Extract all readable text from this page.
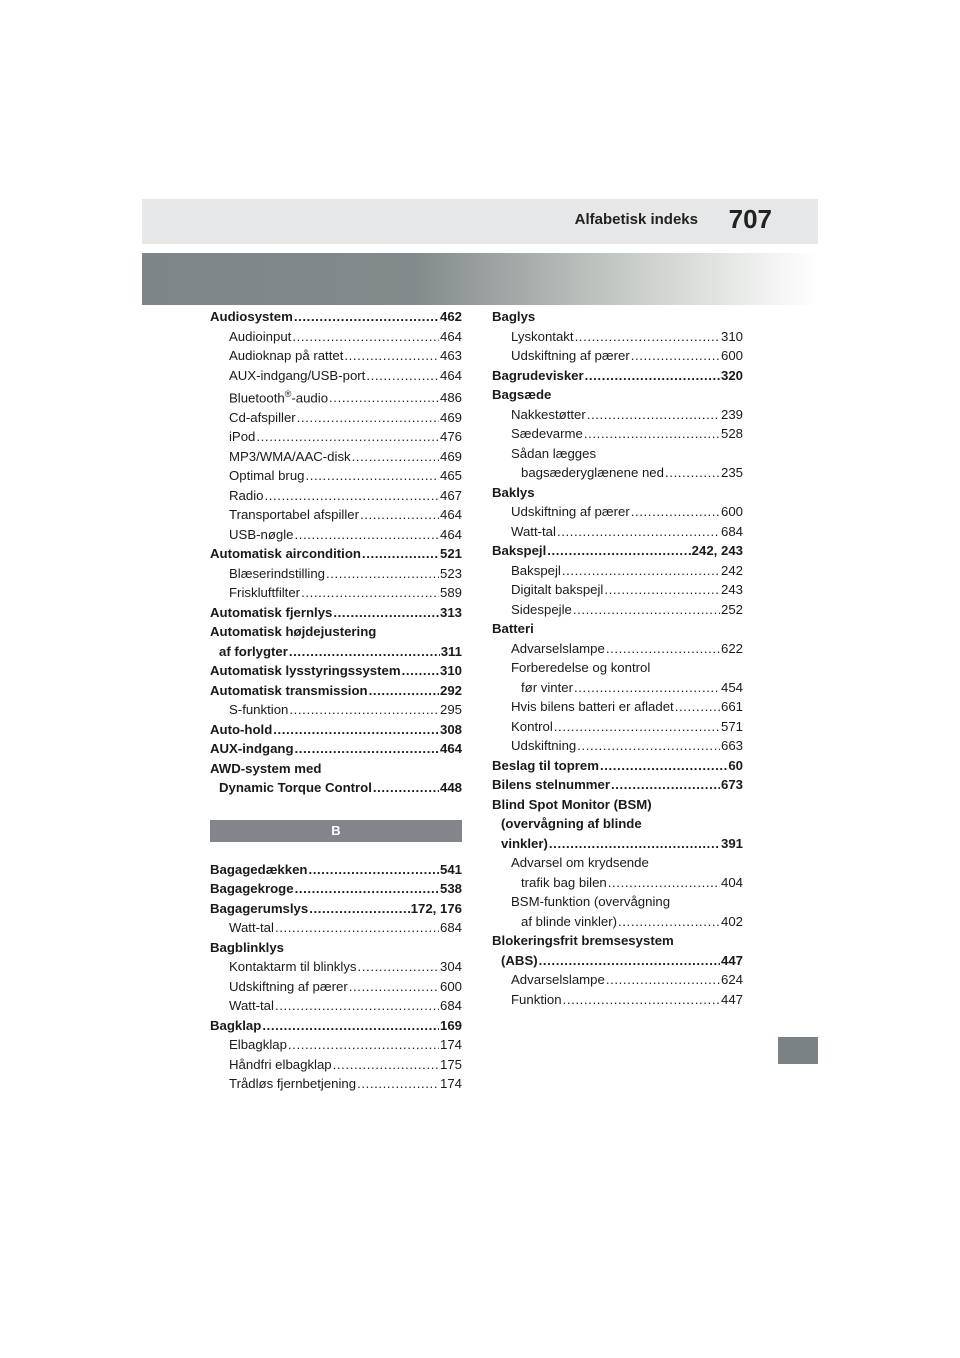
Alfabetisk indeks 707
Audiosystem .....	462
Audioinput .....	464
Audioknap på rattet .....	463
AUX-indgang/USB-port .....	464
Bluetooth®-audio .....	486
Cd-afspiller .....	469
iPod .....	476
MP3/WMA/AAC-disk .....	469
Optimal brug .....	465
Radio .....	467
Transportabel afspiller .....	464
USB-nøgle .....	464
Automatisk aircondition .....	521
Blæserindstilling .....	523
Friskluftfilter .....	589
Automatisk fjernlys .....	313
Automatisk højdejustering
af forlygter .....	311
Automatisk lysstyringssystem .....	310
Automatisk transmission .....	292
S-funktion .....	295
Auto-hold .....	308
AUX-indgang .....	464
AWD-system med
Dynamic Torque Control .....	448
B
Bagagedækken .....	541
Bagagekroge .....	538
Bagagerumslys .....	172, 176
Watt-tal .....	684
Bagblinklys
Kontaktarm til blinklys .....	304
Udskiftning af pærer .....	600
Watt-tal .....	684
Bagklap .....	169
Elbagklap .....	174
Håndfri elbagklap .....	175
Trådløs fjernbetjening .....	174
Baglys
Lyskontakt .....	310
Udskiftning af pærer .....	600
Bagrudevisker .....	320
Bagsæde
Nakkestøtter .....	239
Sædevarme .....	528
Sådan lægges
bagsæderyglænene ned .....	235
Baklys
Udskiftning af pærer .....	600
Watt-tal .....	684
Bakspejl .....	242, 243
Bakspejl .....	242
Digitalt bakspejl .....	243
Sidespejle .....	252
Batteri
Advarselslampe .....	622
Forberedelse og kontrol
før vinter .....	454
Hvis bilens batteri er afladet .....	661
Kontrol .....	571
Udskiftning .....	663
Beslag til toprem .....	60
Bilens stelnummer .....	673
Blind Spot Monitor (BSM)
(overvågning af blinde
vinkler) .....	391
Advarsel om krydsende
trafik bag bilen .....	404
BSM-funktion (overvågning
af blinde vinkler) .....	402
Blokeringsfrit bremsesystem
(ABS) .....	447
Advarselslampe .....	624
Funktion .....	447
